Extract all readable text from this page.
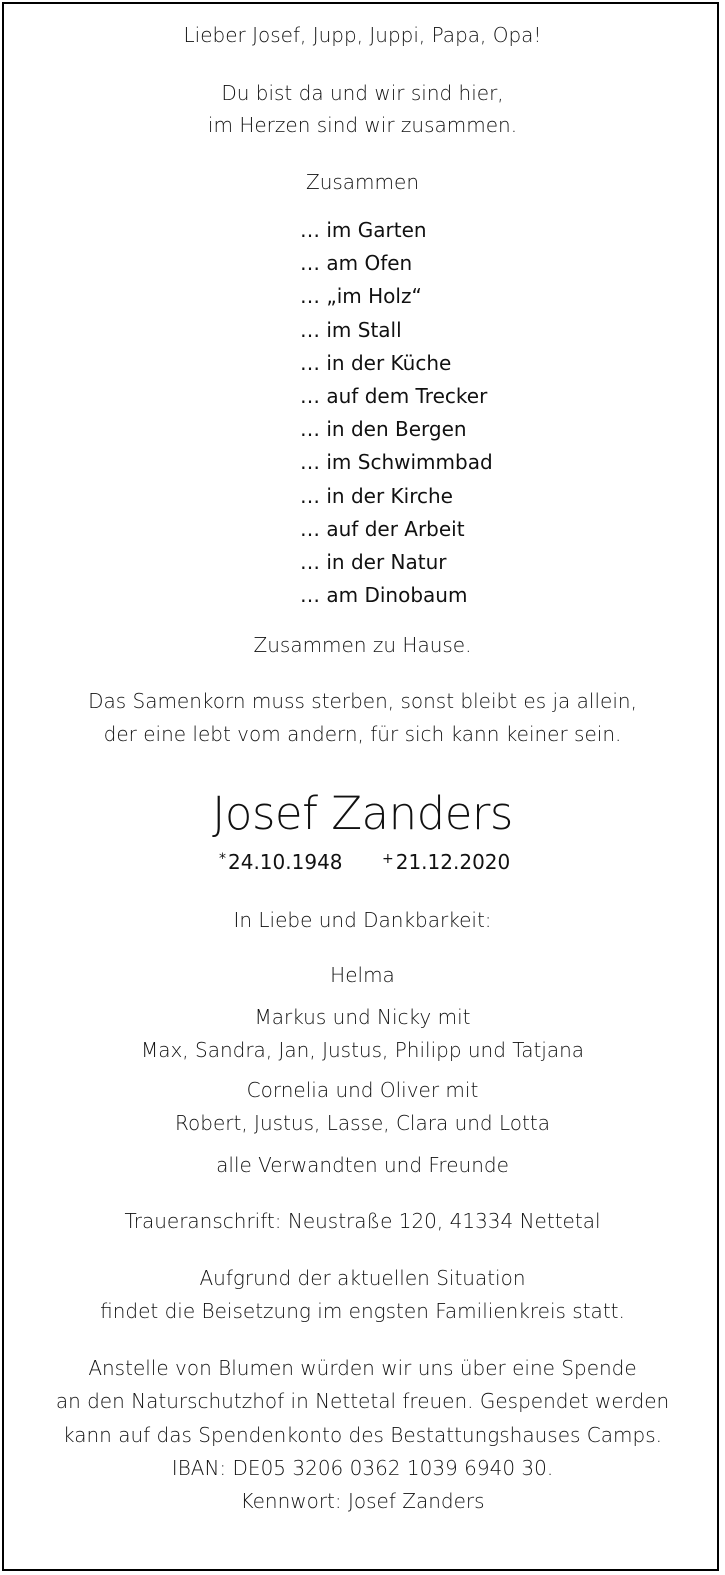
Lieber Josef, Jupp, Juppi, Papa, Opa!
Du bist da und wir sind hier,
im Herzen sind wir zusammen.
Zusammen
… im Garten
… am Ofen
… „im Holz“
… im Stall
… in der Küche
… auf dem Trecker
… in den Bergen
… im Schwimmbad
… in der Kirche
… auf der Arbeit
… in der Natur
… am Dinobaum
Zusammen zu Hause.
Das Samenkorn muss sterben, sonst bleibt es ja allein,
der eine lebt vom andern, für sich kann keiner sein.
Josef Zanders
* 24.10.1948	+ 21.12.2020
In Liebe und Dankbarkeit:
Helma
Markus und Nicky mit
Max, Sandra, Jan, Justus, Philipp und Tatjana
Cornelia und Oliver mit
Robert, Justus, Lasse, Clara und Lotta
alle Verwandten und Freunde
Traueranschrift: Neustraße 120, 41334 Nettetal
Aufgrund der aktuellen Situation
findet die Beisetzung im engsten Familienkreis statt.
Anstelle von Blumen würden wir uns über eine Spende
an den Naturschutzhof in Nettetal freuen. Gespendet werden
kann auf das Spendenkonto des Bestattungshauses Camps.
IBAN: DE05 3206 0362 1039 6940 30.
Kennwort: Josef Zanders
